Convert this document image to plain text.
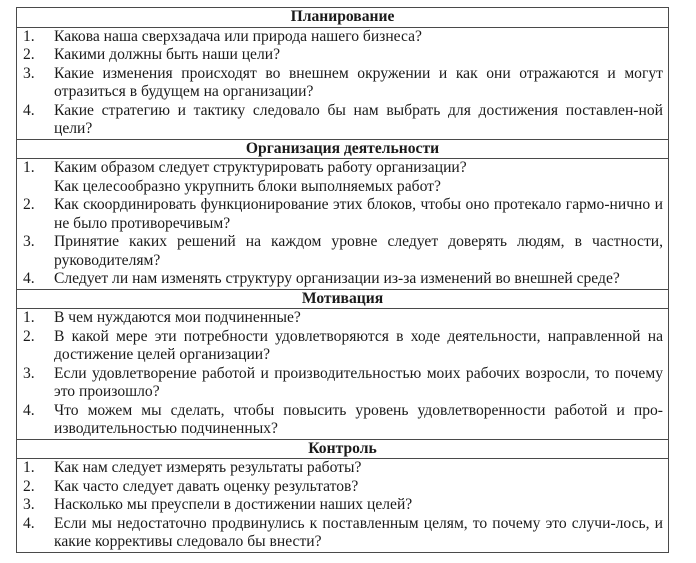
Планирование

1. Какова наша сверхзадача или природа нашего бизнеса?
2. Какими должны быть наши цели?
3. Какие изменения происходят во внешнем окружении и как они отражаются и могут отразиться в будущем на организации?
4. Какие стратегию и тактику следовало бы нам выбрать для достижения поставлен-ной цели?

Организация деятельности

1. Каким образом следует структурировать работу организации?
Как целесообразно укрупнить блоки выполняемых работ?
2. Как скоординировать функционирование этих блоков, чтобы оно протекало гармо-нично и не было противоречивым?
3. Принятие каких решений на каждом уровне следует доверять людям, в частности, руководителям?
4. Следует ли нам изменять структуру организации из-за изменений во внешней среде?

Мотивация

1. В чем нуждаются мои подчиненные?
2. В какой мере эти потребности удовлетворяются в ходе деятельности, направленной на достижение целей организации?
3. Если удовлетворение работой и производительностью моих рабочих возросли, то почему это произошло?
4. Что можем мы сделать, чтобы повысить уровень удовлетворенности работой и про-изводительностью подчиненных?

Контроль

1. Как нам следует измерять результаты работы?
2. Как часто следует давать оценку результатов?
3. Насколько мы преуспели в достижении наших целей?
4. Если мы недостаточно продвинулись к поставленным целям, то почему это случи-лось, и какие коррективы следовало бы внести?
